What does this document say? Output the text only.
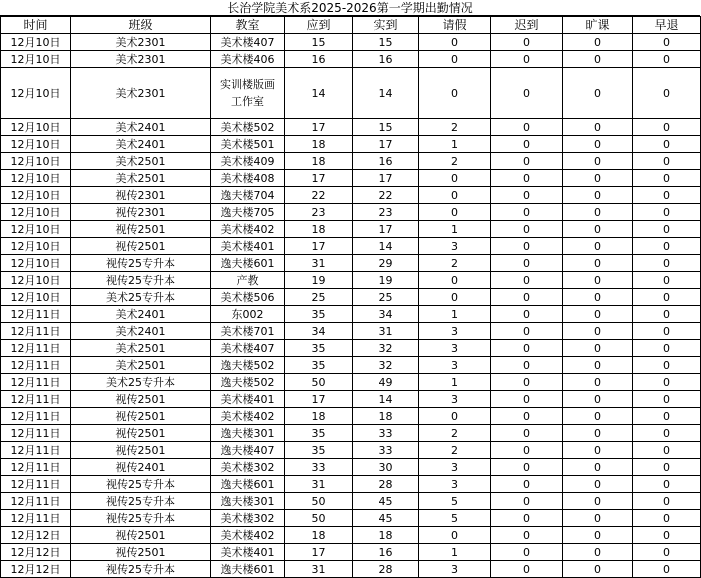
长治学院美术系2025-2026第一学期出勤情况
时间	班级	教室	应到	实到	请假	迟到	旷课	早退
12月10日	美术2301	美术楼407	15	15	0	0	0	0
12月10日	美术2301	美术楼406	16	16	0	0	0	0
12月10日	美术2301	实训楼版画工作室	14	14	0	0	0	0
12月10日	美术2401	美术楼502	17	15	2	0	0	0
12月10日	美术2401	美术楼501	18	17	1	0	0	0
12月10日	美术2501	美术楼409	18	16	2	0	0	0
12月10日	美术2501	美术楼408	17	17	0	0	0	0
12月10日	视传2301	逸夫楼704	22	22	0	0	0	0
12月10日	视传2301	逸夫楼705	23	23	0	0	0	0
12月10日	视传2501	美术楼402	18	17	1	0	0	0
12月10日	视传2501	美术楼401	17	14	3	0	0	0
12月10日	视传25专升本	逸夫楼601	31	29	2	0	0	0
12月10日	视传25专升本	产教	19	19	0	0	0	0
12月10日	美术25专升本	美术楼506	25	25	0	0	0	0
12月11日	美术2401	东002	35	34	1	0	0	0
12月11日	美术2401	美术楼701	34	31	3	0	0	0
12月11日	美术2501	美术楼407	35	32	3	0	0	0
12月11日	美术2501	逸夫楼502	35	32	3	0	0	0
12月11日	美术25专升本	逸夫楼502	50	49	1	0	0	0
12月11日	视传2501	美术楼401	17	14	3	0	0	0
12月11日	视传2501	美术楼402	18	18	0	0	0	0
12月11日	视传2501	逸夫楼301	35	33	2	0	0	0
12月11日	视传2501	逸夫楼407	35	33	2	0	0	0
12月11日	视传2401	美术楼302	33	30	3	0	0	0
12月11日	视传25专升本	逸夫楼601	31	28	3	0	0	0
12月11日	视传25专升本	逸夫楼301	50	45	5	0	0	0
12月11日	视传25专升本	美术楼302	50	45	5	0	0	0
12月12日	视传2501	美术楼402	18	18	0	0	0	0
12月12日	视传2501	美术楼401	17	16	1	0	0	0
12月12日	视传25专升本	逸夫楼601	31	28	3	0	0	0
